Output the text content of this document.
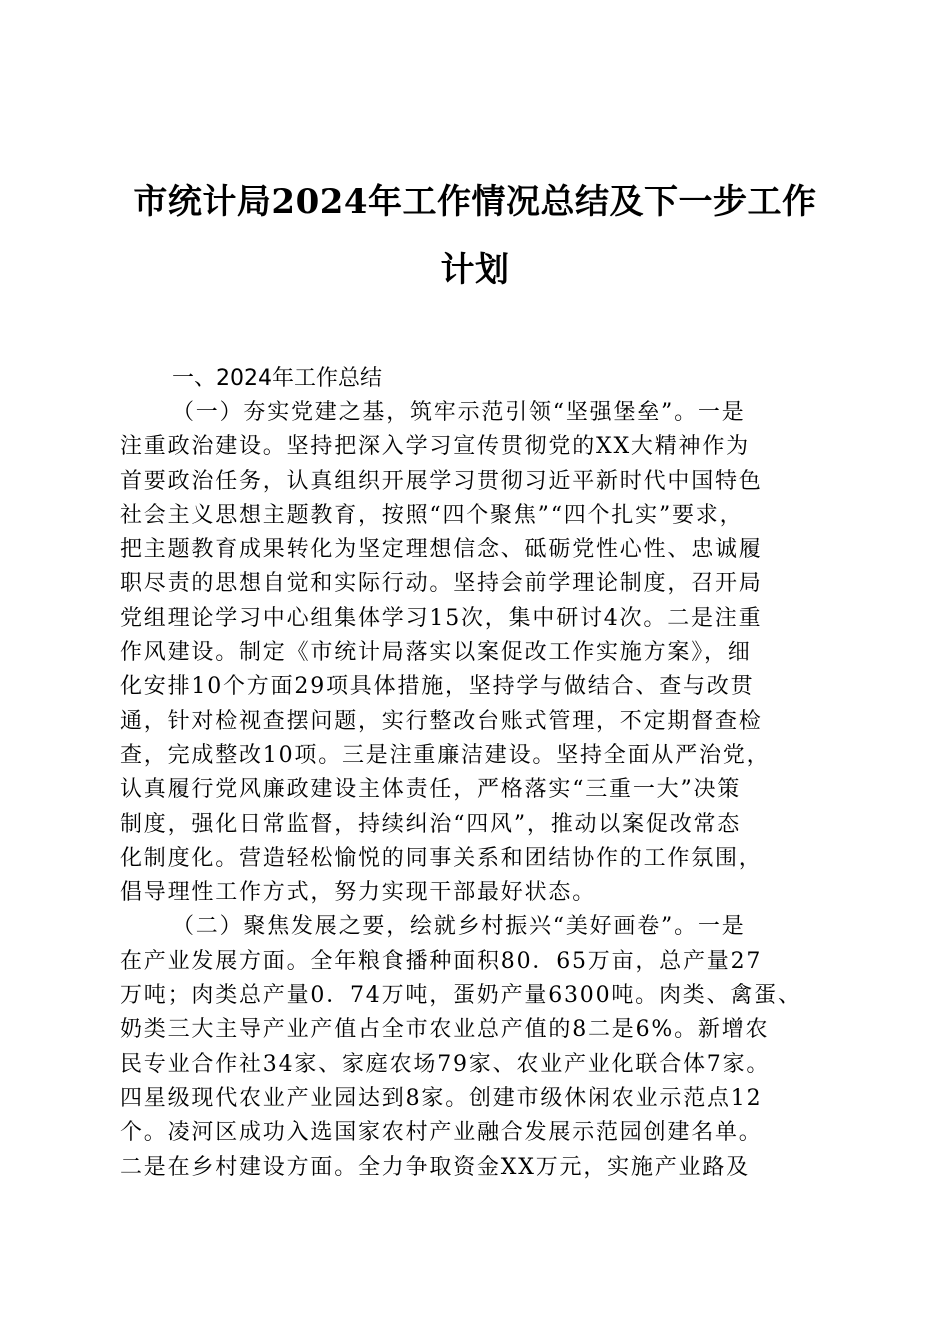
市统计局2024年工作情况总结及下一步工作
计划
一、2024年工作总结
（一）夯实党建之基，筑牢示范引领“坚强堡垒”。一是
注重政治建设。坚持把深入学习宣传贯彻党的XX大精神作为
首要政治任务，认真组织开展学习贯彻习近平新时代中国特色
社会主义思想主题教育，按照“四个聚焦”“四个扎实”要求，
把主题教育成果转化为坚定理想信念、砥砺党性心性、忠诚履
职尽责的思想自觉和实际行动。坚持会前学理论制度，召开局
党组理论学习中心组集体学习15次，集中研讨4次。二是注重
作风建设。制定《市统计局落实以案促改工作实施方案》，细
化安排10个方面29项具体措施，坚持学与做结合、查与改贯
通，针对检视查摆问题，实行整改台账式管理，不定期督查检
查，完成整改10项。三是注重廉洁建设。坚持全面从严治党，
认真履行党风廉政建设主体责任，严格落实“三重一大”决策
制度，强化日常监督，持续纠治“四风”，推动以案促改常态
化制度化。营造轻松愉悦的同事关系和团结协作的工作氛围，
倡导理性工作方式，努力实现干部最好状态。
（二）聚焦发展之要，绘就乡村振兴“美好画卷”。一是
在产业发展方面。全年粮食播种面积80．65万亩，总产量27
万吨；肉类总产量0．74万吨，蛋奶产量6300吨。肉类、禽蛋、
奶类三大主导产业产值占全市农业总产值的8二是6%。新增农
民专业合作社34家、家庭农场79家、农业产业化联合体7家。
四星级现代农业产业园达到8家。创建市级休闲农业示范点12
个。凌河区成功入选国家农村产业融合发展示范园创建名单。
二是在乡村建设方面。全力争取资金XX万元，实施产业路及
